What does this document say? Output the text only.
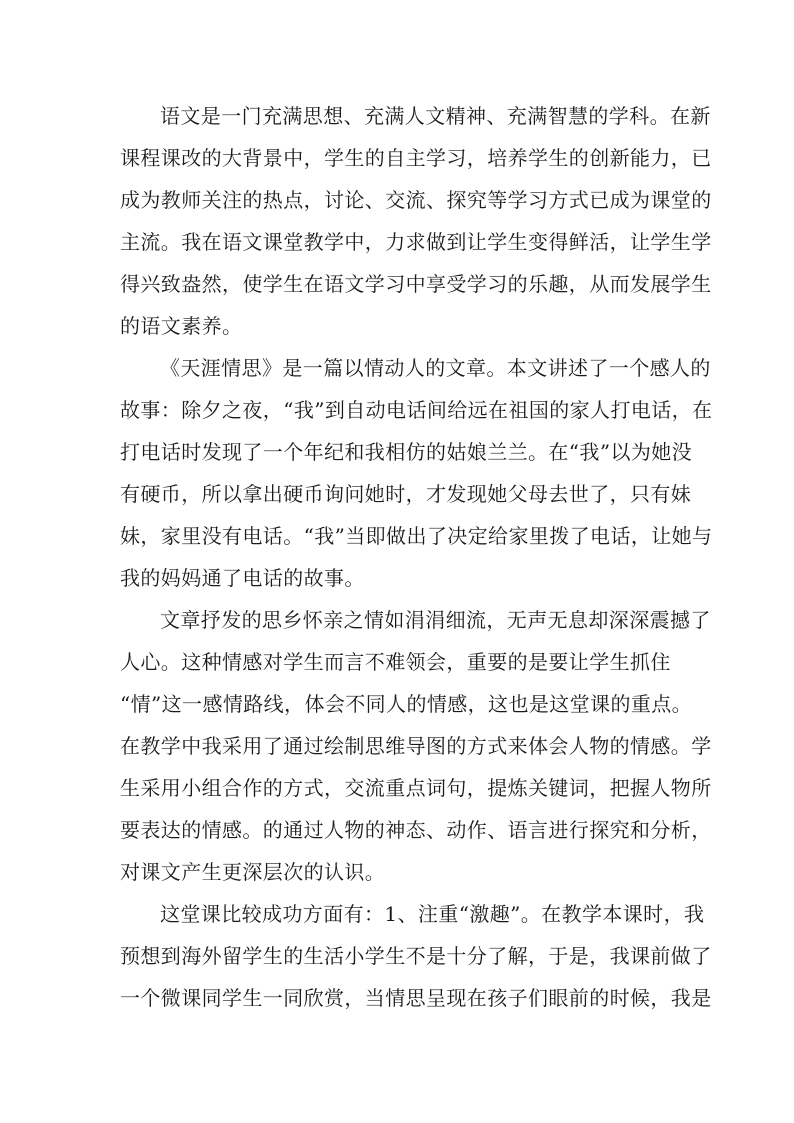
语文是一门充满思想、充满人文精神、充满智慧的学科。在新
课程课改的大背景中，学生的自主学习，培养学生的创新能力，已
成为教师关注的热点，讨论、交流、探究等学习方式已成为课堂的
主流。我在语文课堂教学中，力求做到让学生变得鲜活，让学生学
得兴致盎然，使学生在语文学习中享受学习的乐趣，从而发展学生
的语文素养。
《天涯情思》是一篇以情动人的文章。本文讲述了一个感人的
故事：除夕之夜，“我”到自动电话间给远在祖国的家人打电话，在
打电话时发现了一个年纪和我相仿的姑娘兰兰。在“我”以为她没
有硬币，所以拿出硬币询问她时，才发现她父母去世了，只有妹
妹，家里没有电话。“我”当即做出了决定给家里拨了电话，让她与
我的妈妈通了电话的故事。
文章抒发的思乡怀亲之情如涓涓细流，无声无息却深深震撼了
人心。这种情感对学生而言不难领会，重要的是要让学生抓住
“情”这一感情路线，体会不同人的情感，这也是这堂课的重点。
在教学中我采用了通过绘制思维导图的方式来体会人物的情感。学
生采用小组合作的方式，交流重点词句，提炼关键词，把握人物所
要表达的情感。的通过人物的神态、动作、语言进行探究和分析，
对课文产生更深层次的认识。
这堂课比较成功方面有：1、注重“激趣”。在教学本课时，我
预想到海外留学生的生活小学生不是十分了解，于是，我课前做了
一个微课同学生一同欣赏，当情思呈现在孩子们眼前的时候，我是
